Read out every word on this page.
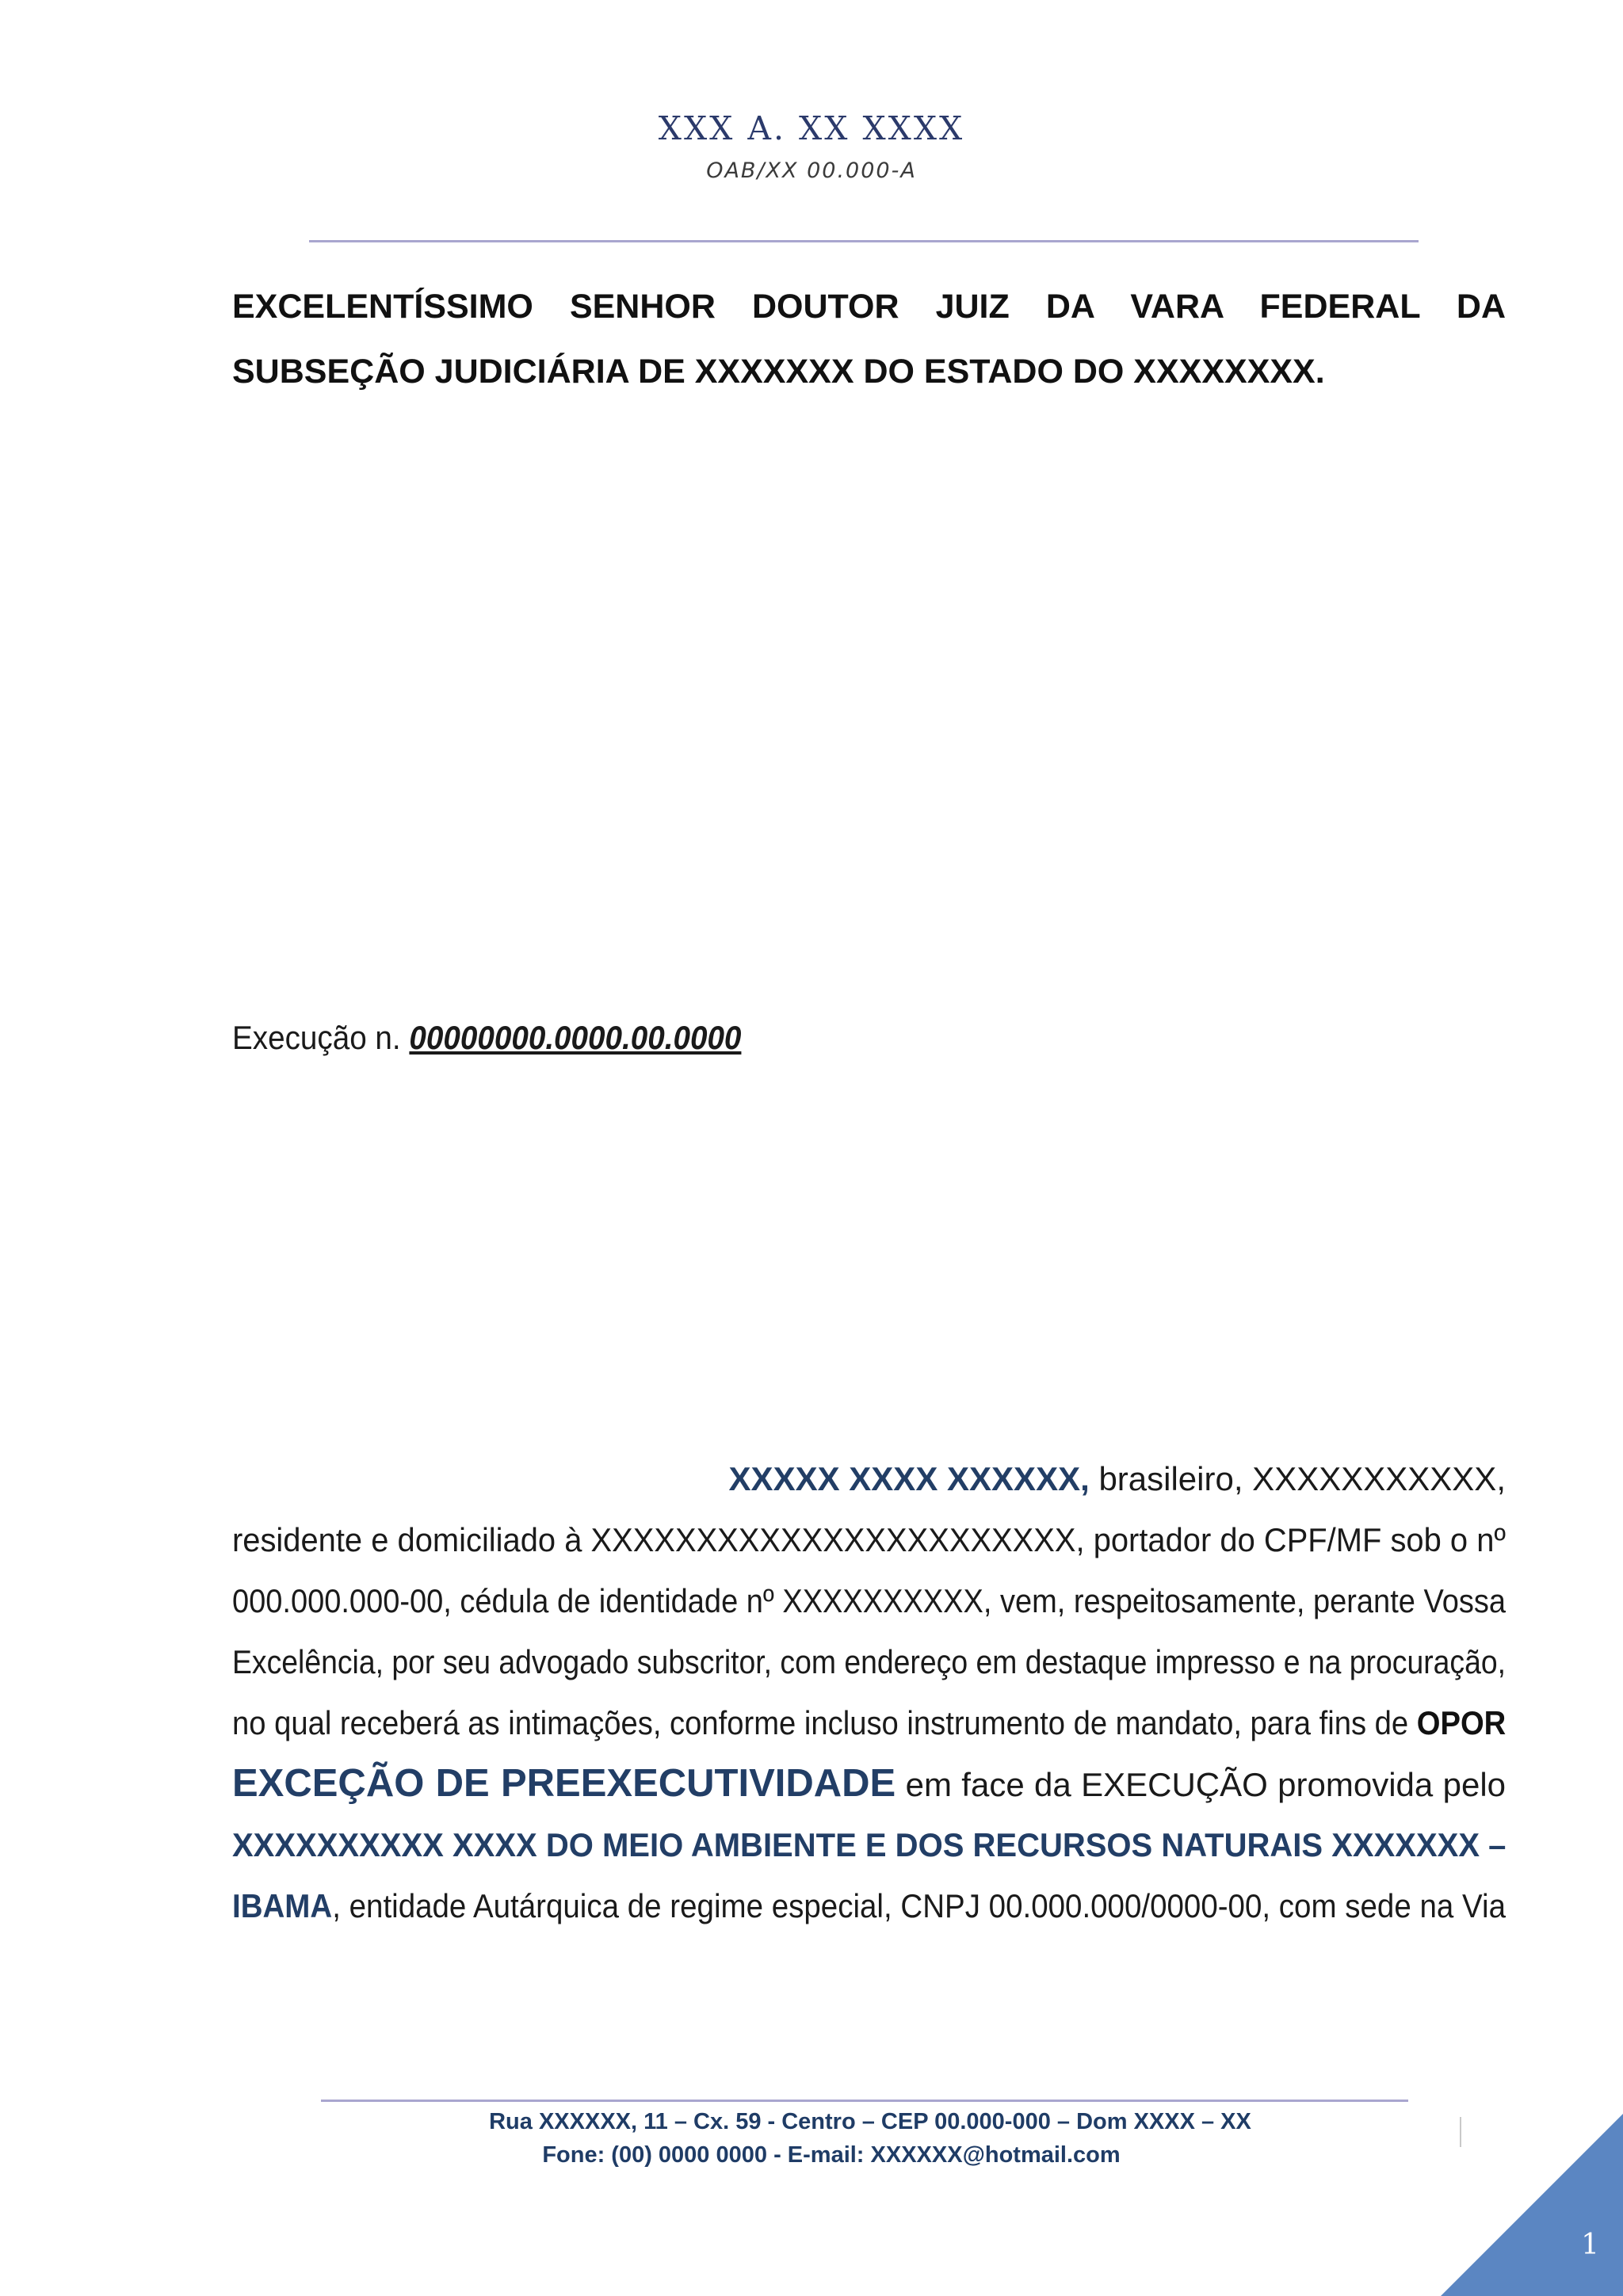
XXX A. XX XXXX
OAB/XX 00.000-A
EXCELENTÍSSIMO SENHOR DOUTOR JUIZ DA VARA FEDERAL DA SUBSEÇÃO JUDICIÁRIA DE XXXXXXX DO ESTADO DO XXXXXXXX.
Execução n. 00000000.0000.00.0000
XXXXX XXXX XXXXXX, brasileiro, XXXXXXXXXXX,
residente e domiciliado à XXXXXXXXXXXXXXXXXXXXXXX, portador do CPF/MF sob o nº
000.000.000-00, cédula de identidade nº XXXXXXXXXX, vem, respeitosamente, perante Vossa
Excelência, por seu advogado subscritor, com endereço em destaque impresso e na procuração,
no qual receberá as intimações, conforme incluso instrumento de mandato, para fins de OPOR
EXCEÇÃO DE PREEXECUTIVIDADE em face da EXECUÇÃO promovida pelo
XXXXXXXXXX XXXX DO MEIO AMBIENTE E DOS RECURSOS NATURAIS XXXXXXX –
IBAMA, entidade Autárquica de regime especial, CNPJ 00.000.000/0000-00, com sede na Via
Rua XXXXXX, 11 – Cx. 59 - Centro – CEP 00.000-000 – Dom XXXX – XX
Fone: (00) 0000 0000 - E-mail: XXXXXX@hotmail.com
1
